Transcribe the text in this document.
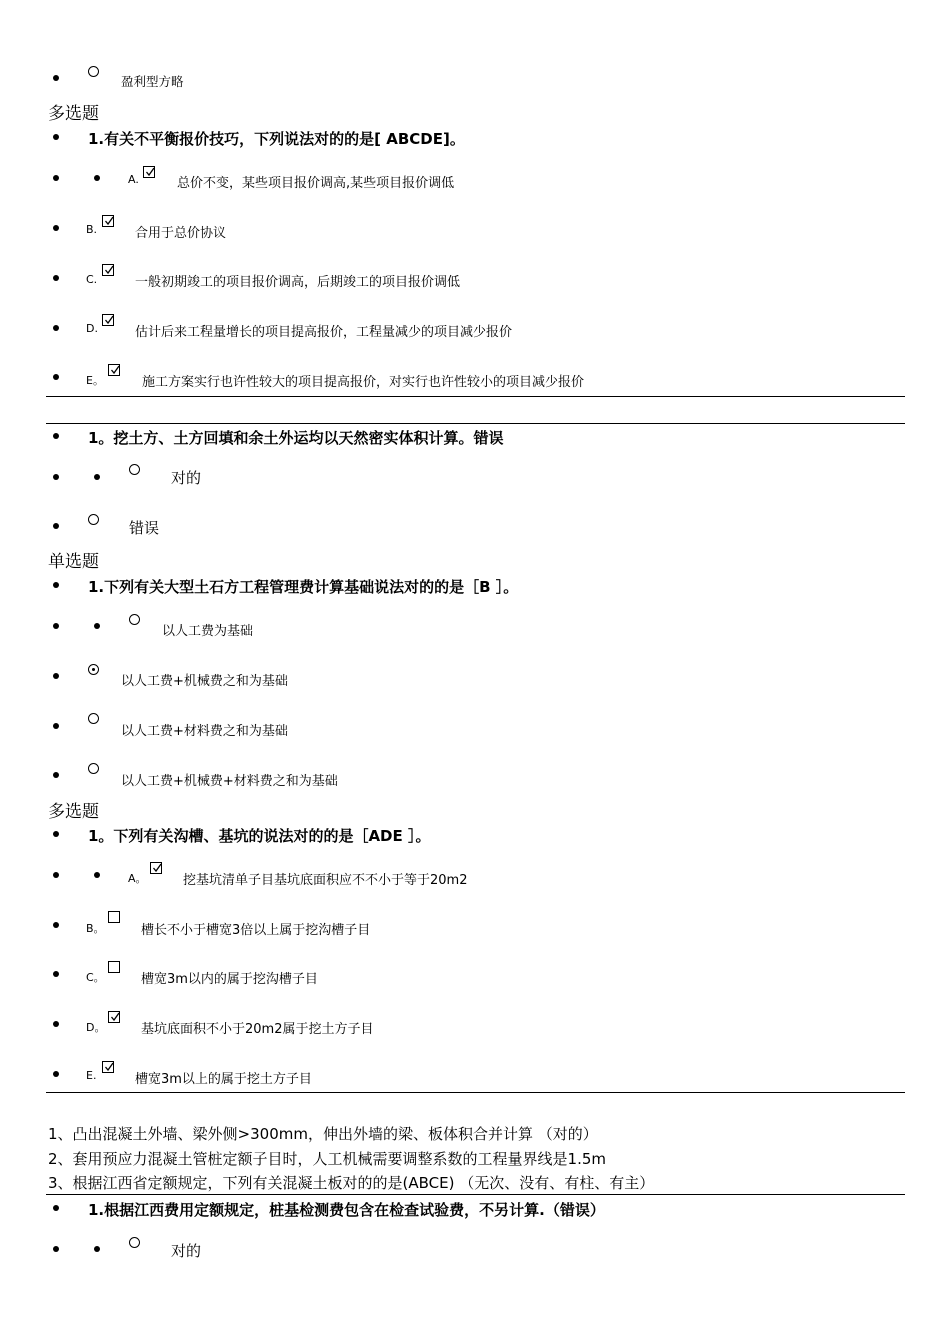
盈利型方略
多选题
1.有关不平衡报价技巧，下列说法对的的是[ ABCDE]。
A.	总价不变，某些项目报价调高,某些项目报价调低
B.	合用于总价协议
C.	一般初期竣工的项目报价调高，后期竣工的项目报价调低
D.	估计后来工程量增长的项目提高报价，工程量减少的项目减少报价
E。	施工方案实行也许性较大的项目提高报价，对实行也许性较小的项目减少报价
1。挖土方、土方回填和余土外运均以天然密实体积计算。错误
对的
错误
单选题
1.下列有关大型土石方工程管理费计算基础说法对的的是［B ］。
以人工费为基础
以人工费+机械费之和为基础
以人工费+材料费之和为基础
以人工费+机械费+材料费之和为基础
多选题
1。下列有关沟槽、基坑的说法对的的是［ADE ］。
A。	挖基坑清单子目基坑底面积应不不小于等于20m2
B。	槽长不小于槽宽3倍以上属于挖沟槽子目
C。	槽宽3m以内的属于挖沟槽子目
D。	基坑底面积不小于20m2属于挖土方子目
E.	槽宽3m以上的属于挖土方子目
1、凸出混凝土外墙、梁外侧>300mm，伸出外墙的梁、板体积合并计算 （对的）
2、套用预应力混凝土管桩定额子目时，人工机械需要调整系数的工程量界线是1.5m
3、根据江西省定额规定，下列有关混凝土板对的的是(ABCE) （无次、没有、有柱、有主）
1.根据江西费用定额规定，桩基检测费包含在检查试验费，不另计算.（错误）
对的
